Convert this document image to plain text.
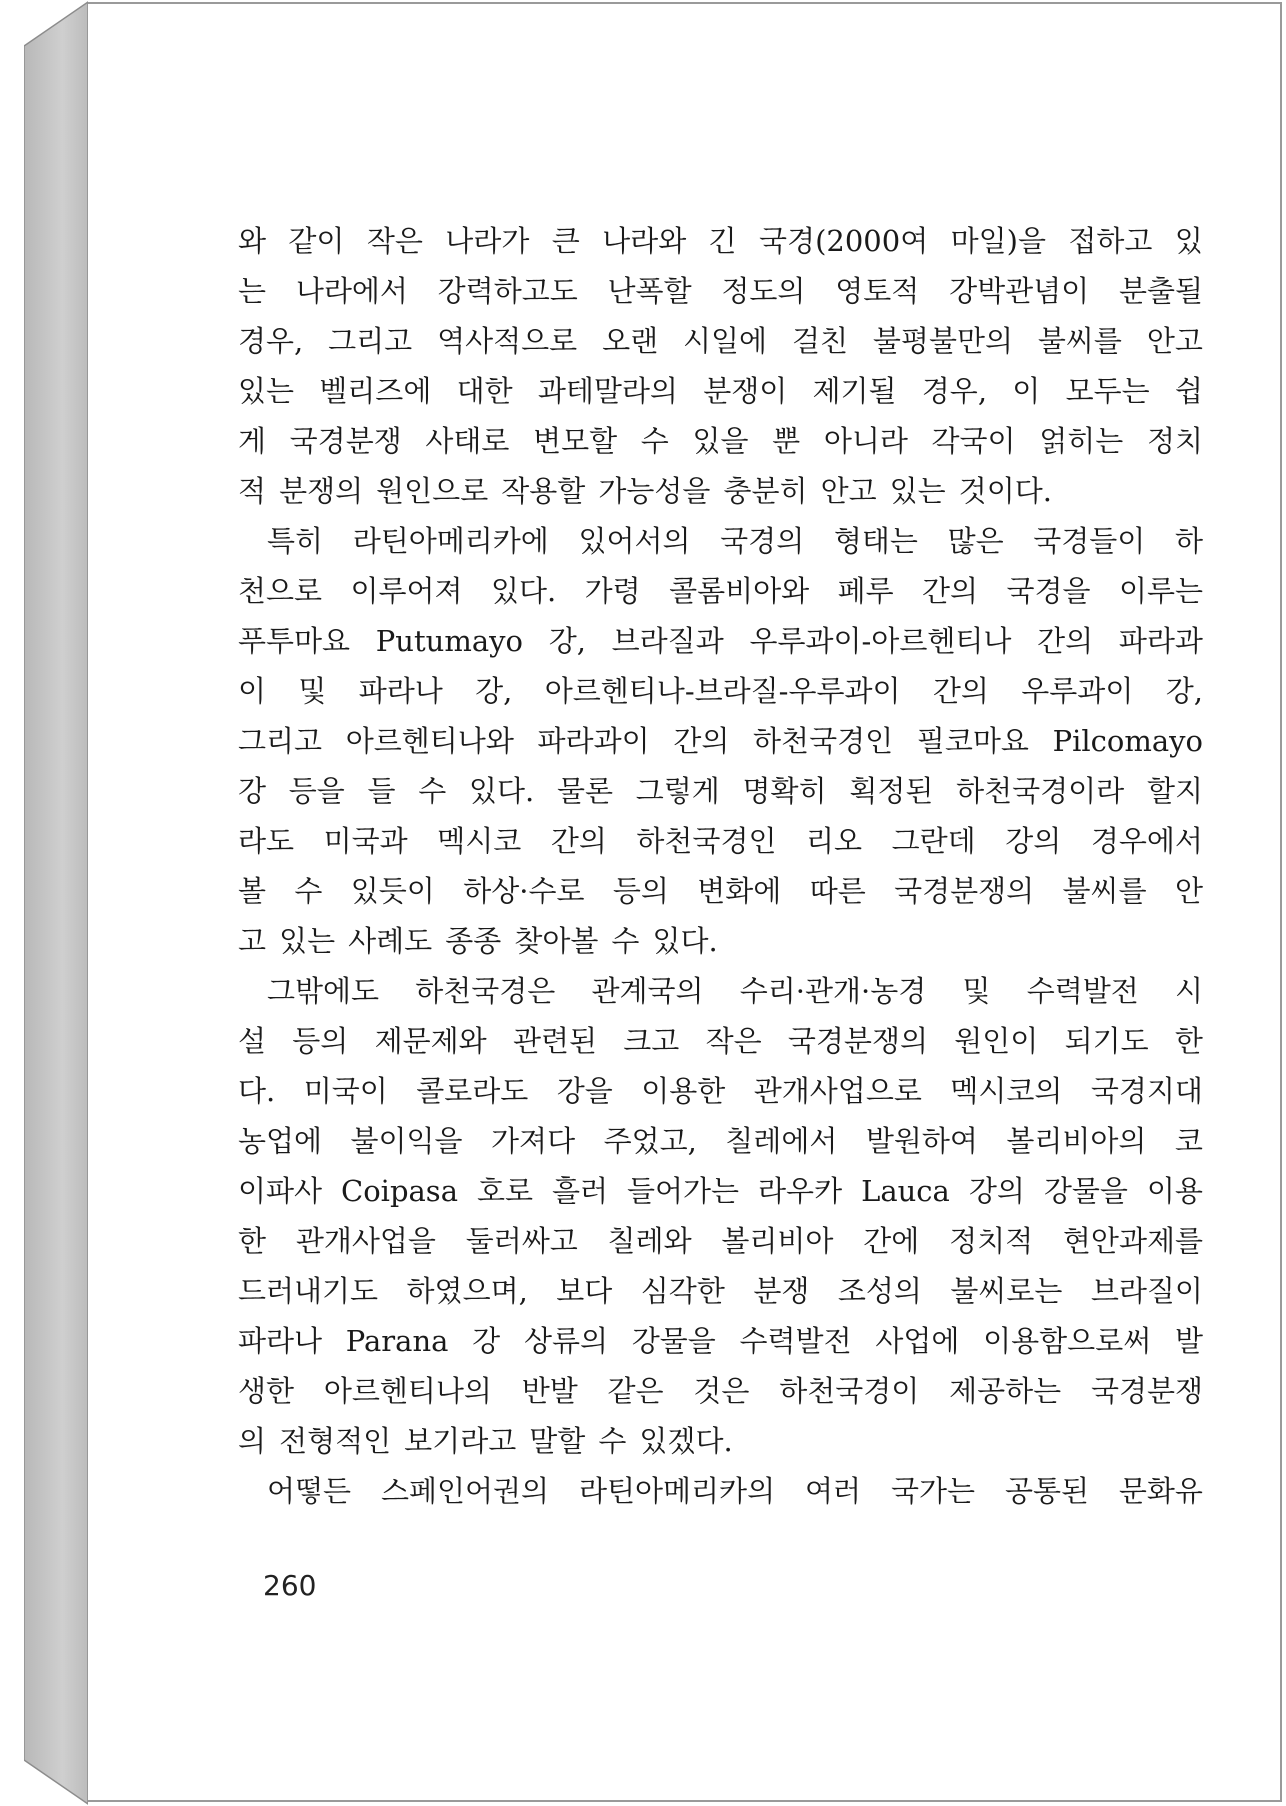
와 같이 작은 나라가 큰 나라와 긴 국경(2000여 마일)을 접하고 있
는 나라에서 강력하고도 난폭할 정도의 영토적 강박관념이 분출될
경우, 그리고 역사적으로 오랜 시일에 걸친 불평불만의 불씨를 안고
있는 벨리즈에 대한 과테말라의 분쟁이 제기될 경우, 이 모두는 쉽
게 국경분쟁 사태로 변모할 수 있을 뿐 아니라 각국이 얽히는 정치
적 분쟁의 원인으로 작용할 가능성을 충분히 안고 있는 것이다.
특히 라틴아메리카에 있어서의 국경의 형태는 많은 국경들이 하
천으로 이루어져 있다. 가령 콜롬비아와 페루 간의 국경을 이루는
푸투마요 Putumayo 강, 브라질과 우루과이-아르헨티나 간의 파라과
이 및 파라나 강, 아르헨티나-브라질-우루과이 간의 우루과이 강,
그리고 아르헨티나와 파라과이 간의 하천국경인 필코마요 Pilcomayo
강 등을 들 수 있다. 물론 그렇게 명확히 획정된 하천국경이라 할지
라도 미국과 멕시코 간의 하천국경인 리오 그란데 강의 경우에서
볼 수 있듯이 하상·수로 등의 변화에 따른 국경분쟁의 불씨를 안
고 있는 사례도 종종 찾아볼 수 있다.
그밖에도 하천국경은 관계국의 수리·관개·농경 및 수력발전 시
설 등의 제문제와 관련된 크고 작은 국경분쟁의 원인이 되기도 한
다. 미국이 콜로라도 강을 이용한 관개사업으로 멕시코의 국경지대
농업에 불이익을 가져다 주었고, 칠레에서 발원하여 볼리비아의 코
이파사 Coipasa 호로 흘러 들어가는 라우카 Lauca 강의 강물을 이용
한 관개사업을 둘러싸고 칠레와 볼리비아 간에 정치적 현안과제를
드러내기도 하였으며, 보다 심각한 분쟁 조성의 불씨로는 브라질이
파라나 Parana 강 상류의 강물을 수력발전 사업에 이용함으로써 발
생한 아르헨티나의 반발 같은 것은 하천국경이 제공하는 국경분쟁
의 전형적인 보기라고 말할 수 있겠다.
어떻든 스페인어권의 라틴아메리카의 여러 국가는 공통된 문화유
260
